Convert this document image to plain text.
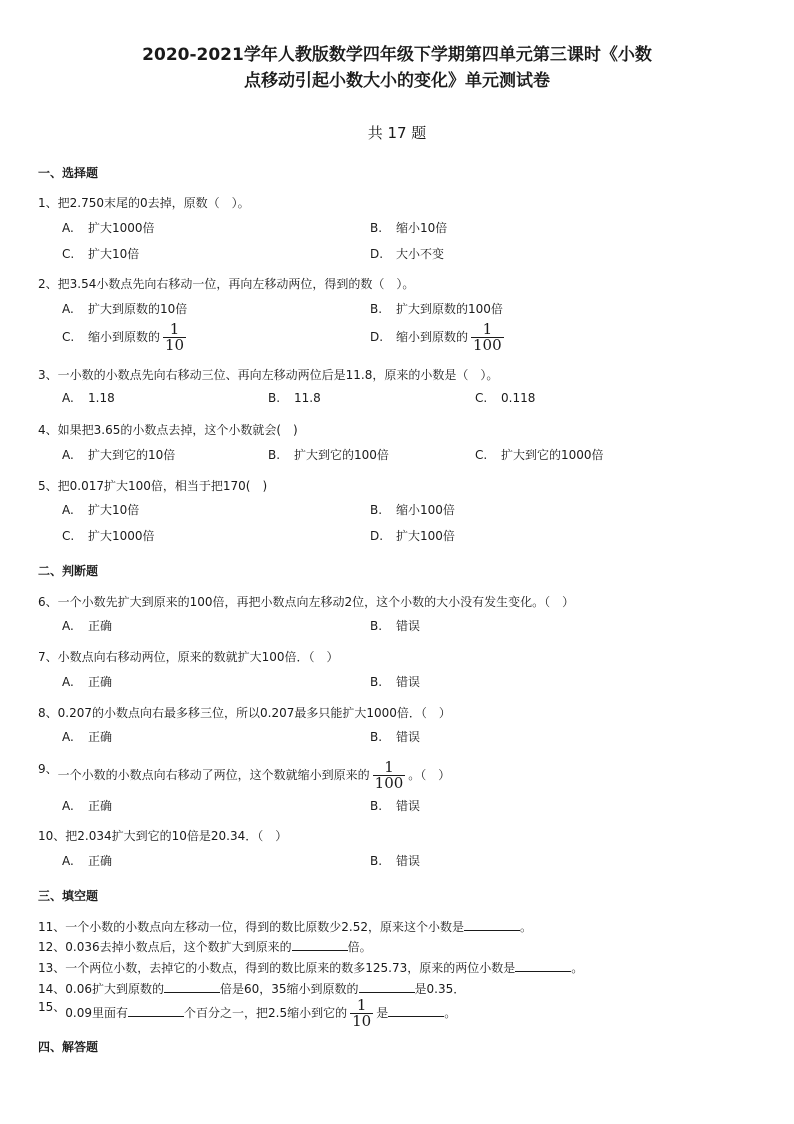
2020-2021学年人教版数学四年级下学期第四单元第三课时《小数
点移动引起小数大小的变化》单元测试卷
共 17 题
一、选择题
1、把2.750末尾的0去掉，原数（　）。
A. 扩大1000倍	B. 缩小10倍
C. 扩大10倍	D. 大小不变
2、把3.54小数点先向右移动一位，再向左移动两位，得到的数（　）。
A. 扩大到原数的10倍	B. 扩大到原数的100倍
C. 缩小到原数的 $\frac{1}{10}$	D. 缩小到原数的 $\frac{1}{100}$
3、一小数的小数点先向右移动三位、再向左移动两位后是11.8，原来的小数是（　）。
A. 1.18	B. 11.8	C. 0.118
4、如果把3.65的小数点去掉，这个小数就会(　)
A. 扩大到它的10倍	B. 扩大到它的100倍	C. 扩大到它的1000倍
5、把0.017扩大100倍，相当于把170(　)
A. 扩大10倍	B. 缩小100倍
C. 扩大1000倍	D. 扩大100倍
二、判断题
6、一个小数先扩大到原来的100倍，再把小数点向左移动2位，这个小数的大小没有发生变化。（　）
A. 正确	B. 错误
7、小数点向右移动两位，原来的数就扩大100倍．（　）
A. 正确	B. 错误
8、0.207的小数点向右最多移三位，所以0.207最多只能扩大1000倍．（　）
A. 正确	B. 错误
9、一个小数的小数点向右移动了两位，这个数就缩小到原来的 $\frac{1}{100}$ 。（　）
A. 正确	B. 错误
10、把2.034扩大到它的10倍是20.34．（　）
A. 正确	B. 错误
三、填空题
11、一个小数的小数点向左移动一位，得到的数比原数少2.52，原来这个小数是	。
12、0.036去掉小数点后，这个数扩大到原来的	倍。
13、一个两位小数，去掉它的小数点，得到的数比原来的数多125.73，原来的两位小数是	。
14、0.06扩大到原数的	倍是60，35缩小到原数的	是0.35．
15、0.09里面有	个百分之一，把2.5缩小到它的 $\frac{1}{10}$ 是	。
四、解答题
